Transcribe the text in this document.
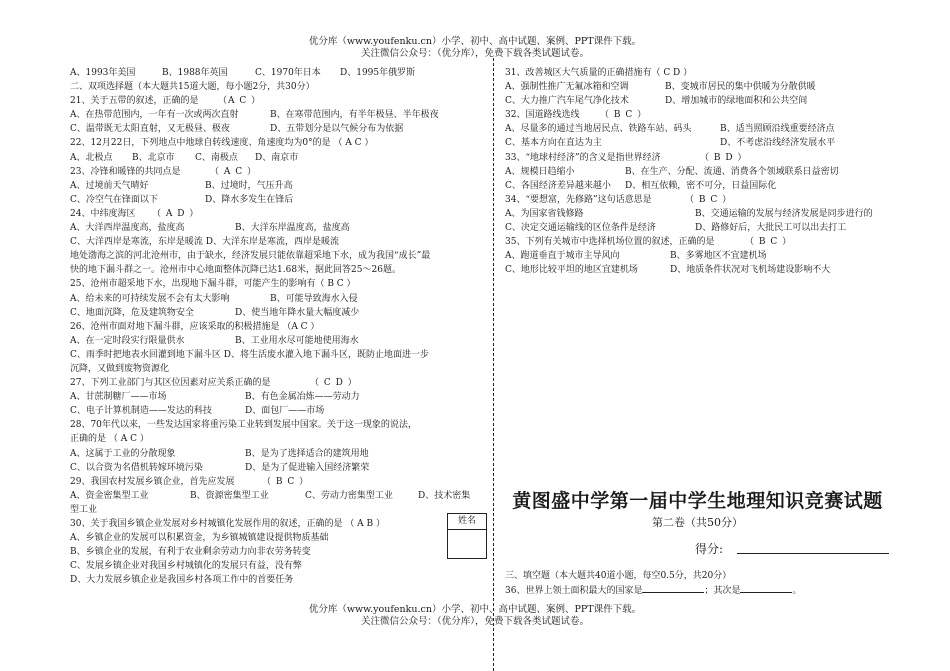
优分库（www.youfenku.cn）小学、初中、高中试题、案例、PPT课件下载。
关注微信公众号：（优分库），免费下载各类试题试卷。
A、1993年美国	B、1988年英国	C、1970年日本 D、1995年俄罗斯
二、双项选择题（本大题共15道大题，每小题2分，共30分）
21、关于五带的叙述，正确的是 （A C ）
A、在热带范围内，一年有一次或两次直射	B、在寒带范围内，有半年极昼、半年极夜
C、温带既无太阳直射，又无极昼、极夜	D、五带划分是以气候分布为依据
22、12月22日，下列地点中地球自转线速度、角速度均为0°的是 （ A C ）
A、北极点 B、北京市 C、南极点 D、南京市
23、冷锋和暖锋的共同点是	（ A C ）
A、过境前天气晴好	B、过境时，气压升高
C、冷空气在锋面以下	D、降水多发生在锋后
24、中纬度海区 （ A D ）
A、大洋西岸温度高，盐度高	B、大洋东岸温度高，盐度高
C、大洋西岸是寒流，东岸是暖流 D、大洋东岸是寒流，西岸是暖流
地处渤海之滨的河北沧州市，由于缺水，经济发展只能依靠超采地下水，成为我国“成长”最
快的地下漏斗群之一。沧州市中心地面整体沉降已达1.68米，据此回答25～26题。
25、沧州市超采地下水，出现地下漏斗群，可能产生的影响有（ B C ）
A、给未来的可持续发展不会有太大影响	B、可能导致海水入侵
C、地面沉降，危及建筑物安全	D、使当地年降水量大幅度减少
26、沧州市面对地下漏斗群，应该采取的积极措施是 （A C ）
A、在一定时段实行限量供水	B、工业用水尽可能地使用海水
C、雨季时把地表水回灌到地下漏斗区 D、将生活废水灌入地下漏斗区，既防止地面进一步
沉降，又做到废物资源化
27、下列工业部门与其区位因素对应关系正确的是	（ C D ）
A、甘蔗制糖厂——市场	B、有色金属冶炼——劳动力
C、电子计算机制造——发达的科技	D、面包厂——市场
28、70年代以来，一些发达国家将重污染工业转到发展中国家。关于这一现象的说法，
正确的是 （ A C ）
A、这属于工业的分散现象	B、是为了选择适合的建筑用地
C、以合资为名借机转嫁环境污染	D、是为了促进输入国经济繁荣
29、我国农村发展乡镇企业，首先应发展	（ B C ）
A、资金密集型工业	B、资源密集型工业	C、劳动力密集型工业	D、技术密集
型工业
30、关于我国乡镇企业发展对乡村城镇化发展作用的叙述，正确的是 （ A B ）
A、乡镇企业的发展可以积累资金，为乡镇城镇建设提供物质基础
B、乡镇企业的发展，有利于农业剩余劳动力向非农劳务转变
C、发展乡镇企业对我国乡村城镇化的发展只有益，没有弊
D、大力发展乡镇企业是我国乡村各项工作中的首要任务
31、改善城区大气质量的正确措施有（ C D ）
A、强制性推广无氟冰箱和空调	B、变城市居民的集中供暖为分散供暖
C、大力推广汽车尾气净化技术	D、增加城市的绿地面积和公共空间
32、国道路线选线 （ B C ）
A、尽量多的通过当地居民点、铁路车站、码头	B、适当照顾沿线重要经济点
C、基本方向在直达为主	D、不考虑沿线经济发展水平
33、“地球村经济”的含义是指世界经济	（ B D ）
A、规模日趋缩小	B、在生产、分配、流通、消费各个领域联系日益密切
C、各国经济差异越来越小 D、相互依赖，密不可分，日益国际化
34、“要想富，先修路”这句话意思是	（ B C ）
A、为国家省钱修路	B、交通运输的发展与经济发展是同步进行的
C、决定交通运输线的区位条件是经济	D、路修好后，大批民工可以出去打工
35、下列有关城市中选择机场位置的叙述，正确的是	（ B C ）
A、跑道垂直于城市主导风向	B、多雾地区不宜建机场
C、地形比较平坦的地区宜建机场	D、地质条件状况对飞机场建设影响不大
姓名
黄图盛中学第一届中学生地理知识竞赛试题
第二卷（共50分）
得分:
三、填空题（本大题共40道小题，每空0.5分，共20分）
36、世界上领土面积最大的国家是	；其次是	。
优分库（www.youfenku.cn）小学、初中、高中试题、案例、PPT课件下载。
关注微信公众号：（优分库），免费下载各类试题试卷。
